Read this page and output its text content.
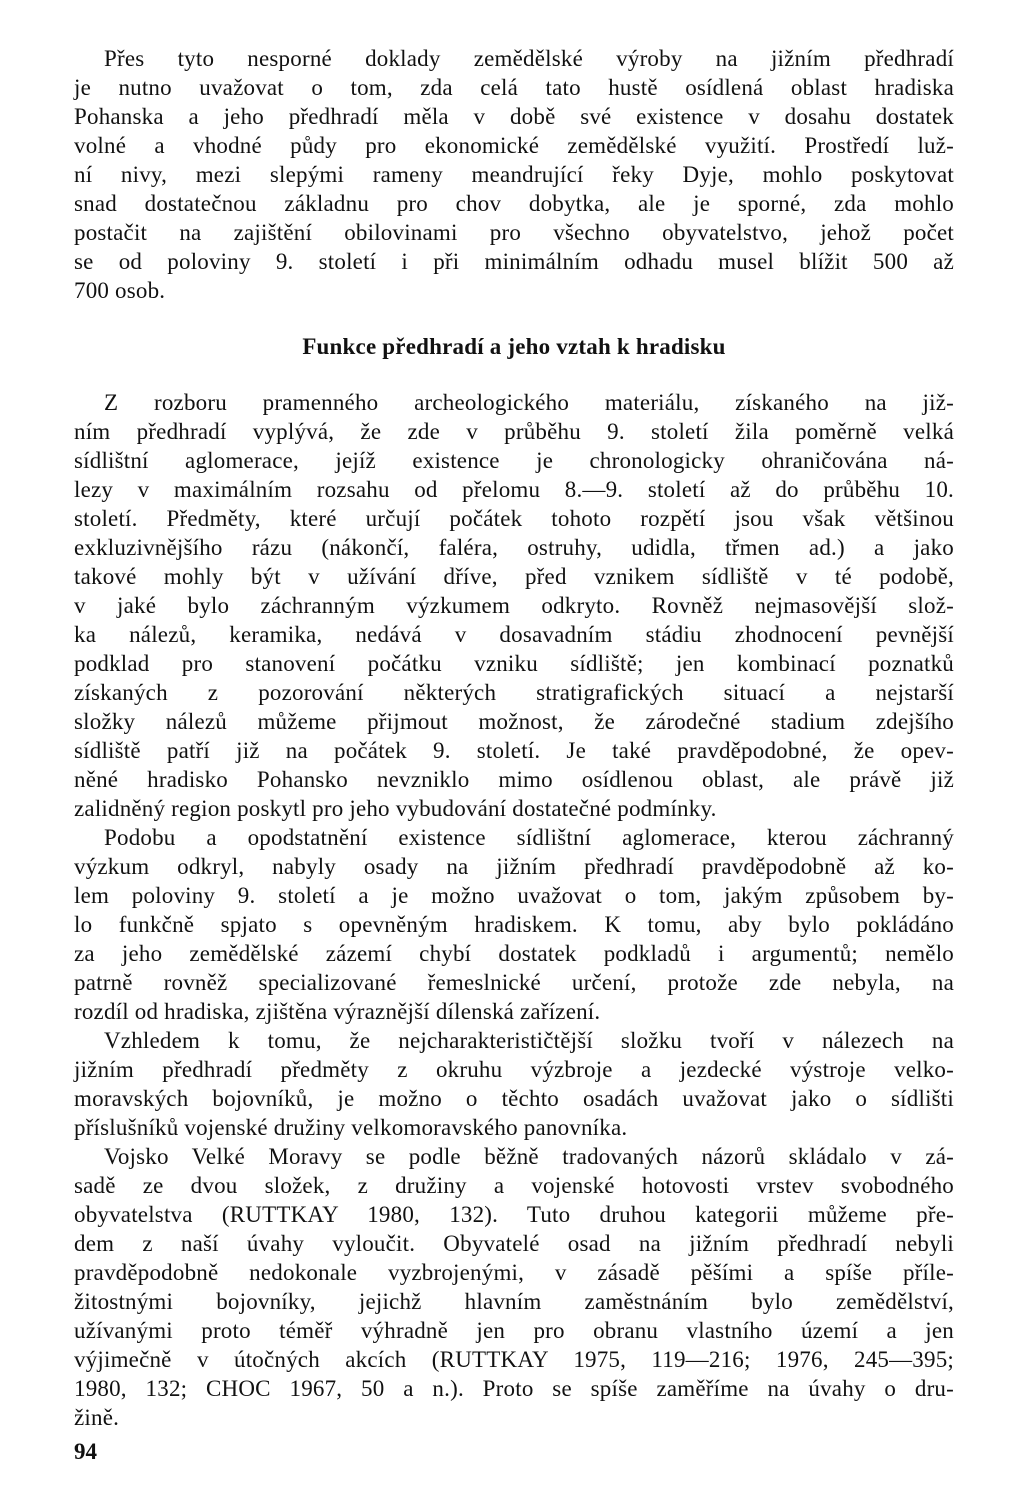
Přes tyto nesporné doklady zemědělské výroby na jižním předhradí
je nutno uvažovat o tom, zda celá tato hustě osídlená oblast hradiska
Pohanska a jeho předhradí měla v době své existence v dosahu dostatek
volné a vhodné půdy pro ekonomické zemědělské využití. Prostředí luž-
ní nivy, mezi slepými rameny meandrující řeky Dyje, mohlo poskytovat
snad dostatečnou základnu pro chov dobytka, ale je sporné, zda mohlo
postačit na zajištění obilovinami pro všechno obyvatelstvo, jehož počet
se od poloviny 9. století i při minimálním odhadu musel blížit 500 až
700 osob.
Funkce předhradí a jeho vztah k hradisku
Z rozboru pramenného archeologického materiálu, získaného na již-
ním předhradí vyplývá, že zde v průběhu 9. století žila poměrně velká
sídlištní aglomerace, jejíž existence je chronologicky ohraničována ná-
lezy v maximálním rozsahu od přelomu 8.—9. století až do průběhu 10.
století. Předměty, které určují počátek tohoto rozpětí jsou však většinou
exkluzivnějšího rázu (nákončí, faléra, ostruhy, udidla, třmen ad.) a jako
takové mohly být v užívání dříve, před vznikem sídliště v té podobě,
v jaké bylo záchranným výzkumem odkryto. Rovněž nejmasovější slož-
ka nálezů, keramika, nedává v dosavadním stádiu zhodnocení pevnější
podklad pro stanovení počátku vzniku sídliště; jen kombinací poznatků
získaných z pozorování některých stratigrafických situací a nejstarší
složky nálezů můžeme přijmout možnost, že zárodečné stadium zdejšího
sídliště patří již na počátek 9. století. Je také pravděpodobné, že opev-
něné hradisko Pohansko nevzniklo mimo osídlenou oblast, ale právě již
zalidněný region poskytl pro jeho vybudování dostatečné podmínky.
Podobu a opodstatnění existence sídlištní aglomerace, kterou záchranný
výzkum odkryl, nabyly osady na jižním předhradí pravděpodobně až ko-
lem poloviny 9. století a je možno uvažovat o tom, jakým způsobem by-
lo funkčně spjato s opevněným hradiskem. K tomu, aby bylo pokládáno
za jeho zemědělské zázemí chybí dostatek podkladů i argumentů; nemělo
patrně rovněž specializované řemeslnické určení, protože zde nebyla, na
rozdíl od hradiska, zjištěna výraznější dílenská zařízení.
Vzhledem k tomu, že nejcharakterističtější složku tvoří v nálezech na
jižním předhradí předměty z okruhu výzbroje a jezdecké výstroje velko-
moravských bojovníků, je možno o těchto osadách uvažovat jako o sídlišti
příslušníků vojenské družiny velkomoravského panovníka.
Vojsko Velké Moravy se podle běžně tradovaných názorů skládalo v zá-
sadě ze dvou složek, z družiny a vojenské hotovosti vrstev svobodného
obyvatelstva (RUTTKAY 1980, 132). Tuto druhou kategorii můžeme pře-
dem z naší úvahy vyloučit. Obyvatelé osad na jižním předhradí nebyli
pravděpodobně nedokonale vyzbrojenými, v zásadě pěšími a spíše příle-
žitostnými bojovníky, jejichž hlavním zaměstnáním bylo zemědělství,
užívanými proto téměř výhradně jen pro obranu vlastního území a jen
výjimečně v útočných akcích (RUTTKAY 1975, 119—216; 1976, 245—395;
1980, 132; CHOC 1967, 50 a n.). Proto se spíše zaměříme na úvahy o dru-
žině.
94
